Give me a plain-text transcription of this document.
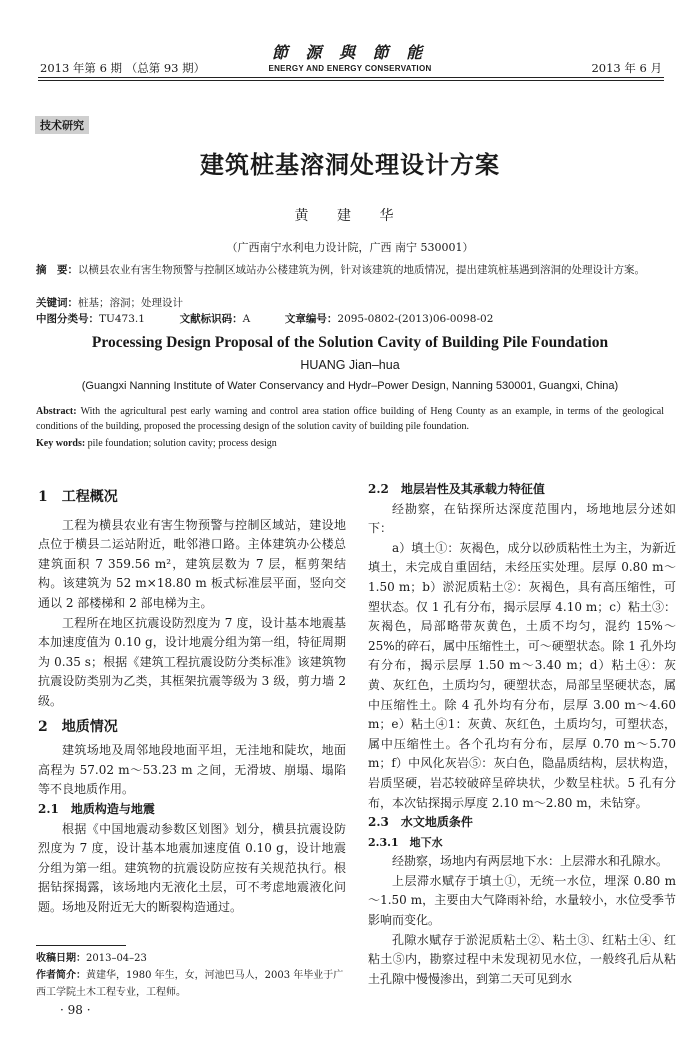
2013 年第 6 期 （总第 93 期）
節 源 與 節 能
ENERGY AND ENERGY CONSERVATION	2013 年 6 月
技术研究
建筑桩基溶洞处理设计方案
黄 建 华
（广西南宁水利电力设计院，广西 南宁 530001）
摘　要：以横县农业有害生物预警与控制区域站办公楼建筑为例，针对该建筑的地质情况，提出建筑桩基遇到溶洞的处理设计方案。
关键词：桩基；溶洞；处理设计
中图分类号：TU473.1	文献标识码：A	文章编号：2095-0802-(2013)06-0098-02
Processing Design Proposal of the Solution Cavity of Building Pile Foundation
HUANG Jian–hua
(Guangxi Nanning Institute of Water Conservancy and Hydr–Power Design, Nanning 530001, Guangxi, China)
Abstract: With the agricultural pest early warning and control area station office building of Heng County as an example, in terms of the geological conditions of the building, proposed the processing design of the solution cavity of building pile foundation.
Key words: pile foundation; solution cavity; process design
1　工程概况

工程为横县农业有害生物预警与控制区域站，建设地点位于横县二运站附近，毗邻港口路。主体建筑办公楼总建筑面积 7 359.56 m²，建筑层数为 7 层，框剪架结构。该建筑为 52 m×18.80 m 板式标准层平面，竖向交通以 2 部楼梯和 2 部电梯为主。

工程所在地区抗震设防烈度为 7 度，设计基本地震基本加速度值为 0.10 g，设计地震分组为第一组，特征周期为 0.35 s；根据《建筑工程抗震设防分类标准》该建筑物抗震设防类别为乙类，其框架抗震等级为 3 级，剪力墙 2 级。

2　地质情况

建筑场地及周邻地段地面平坦，无洼地和陡坎，地面高程为 57.02 m～53.23 m 之间，无滑坡、崩塌、塌陷等不良地质作用。

2.1　地质构造与地震

根据《中国地震动参数区划图》划分，横县抗震设防烈度为 7 度，设计基本地震加速度值 0.10 g，设计地震分组为第一组。建筑物的抗震设防应按有关规范执行。根据钻探揭露，该场地内无液化土层，可不考虑地震液化问题。场地及附近无大的断裂构造通过。

收稿日期：2013–04–23
作者简介：黄建华，1980 年生，女，河池巴马人，2003 年毕业于广西工学院土木工程专业，工程师。
· 98 ·
2.2　地层岩性及其承载力特征值

经勘察，在钻探所达深度范围内，场地地层分述如下：

a）填土①：灰褐色，成分以砂质粘性土为主，为新近填土，未完成自重固结，未经压实处理。层厚 0.80 m～1.50 m；b）淤泥质粘土②：灰褐色，具有高压缩性，可塑状态。仅 1 孔有分布，揭示层厚 4.10 m；c）粘土③：灰褐色，局部略带灰黄色，土质不均匀，混约 15%～25%的碎石，属中压缩性土，可～硬塑状态。除 1 孔外均有分布，揭示层厚 1.50 m～3.40 m；d）粘土④：灰黄、灰红色，土质均匀，硬塑状态，局部呈坚硬状态，属中压缩性土。除 4 孔外均有分布，层厚 3.00 m～4.60 m；e）粘土④1：灰黄、灰红色，土质均匀，可塑状态，属中压缩性土。各个孔均有分布，层厚 0.70 m～5.70 m；f）中风化灰岩⑤：灰白色，隐晶质结构，层状构造，岩质坚硬，岩芯较破碎呈碎块状，少数呈柱状。5 孔有分布，本次钻探揭示厚度 2.10 m～2.80 m，未钻穿。

2.3　水文地质条件
2.3.1　地下水

经勘察，场地内有两层地下水：上层滞水和孔隙水。

上层滞水赋存于填土①，无统一水位，埋深 0.80 m～1.50 m，主要由大气降雨补给，水量较小，水位受季节影响而变化。

孔隙水赋存于淤泥质粘土②、粘土③、红粘土④、红粘土⑤内，勘察过程中未发现初见水位，一般终孔后从粘土孔隙中慢慢渗出，到第二天可见到水
